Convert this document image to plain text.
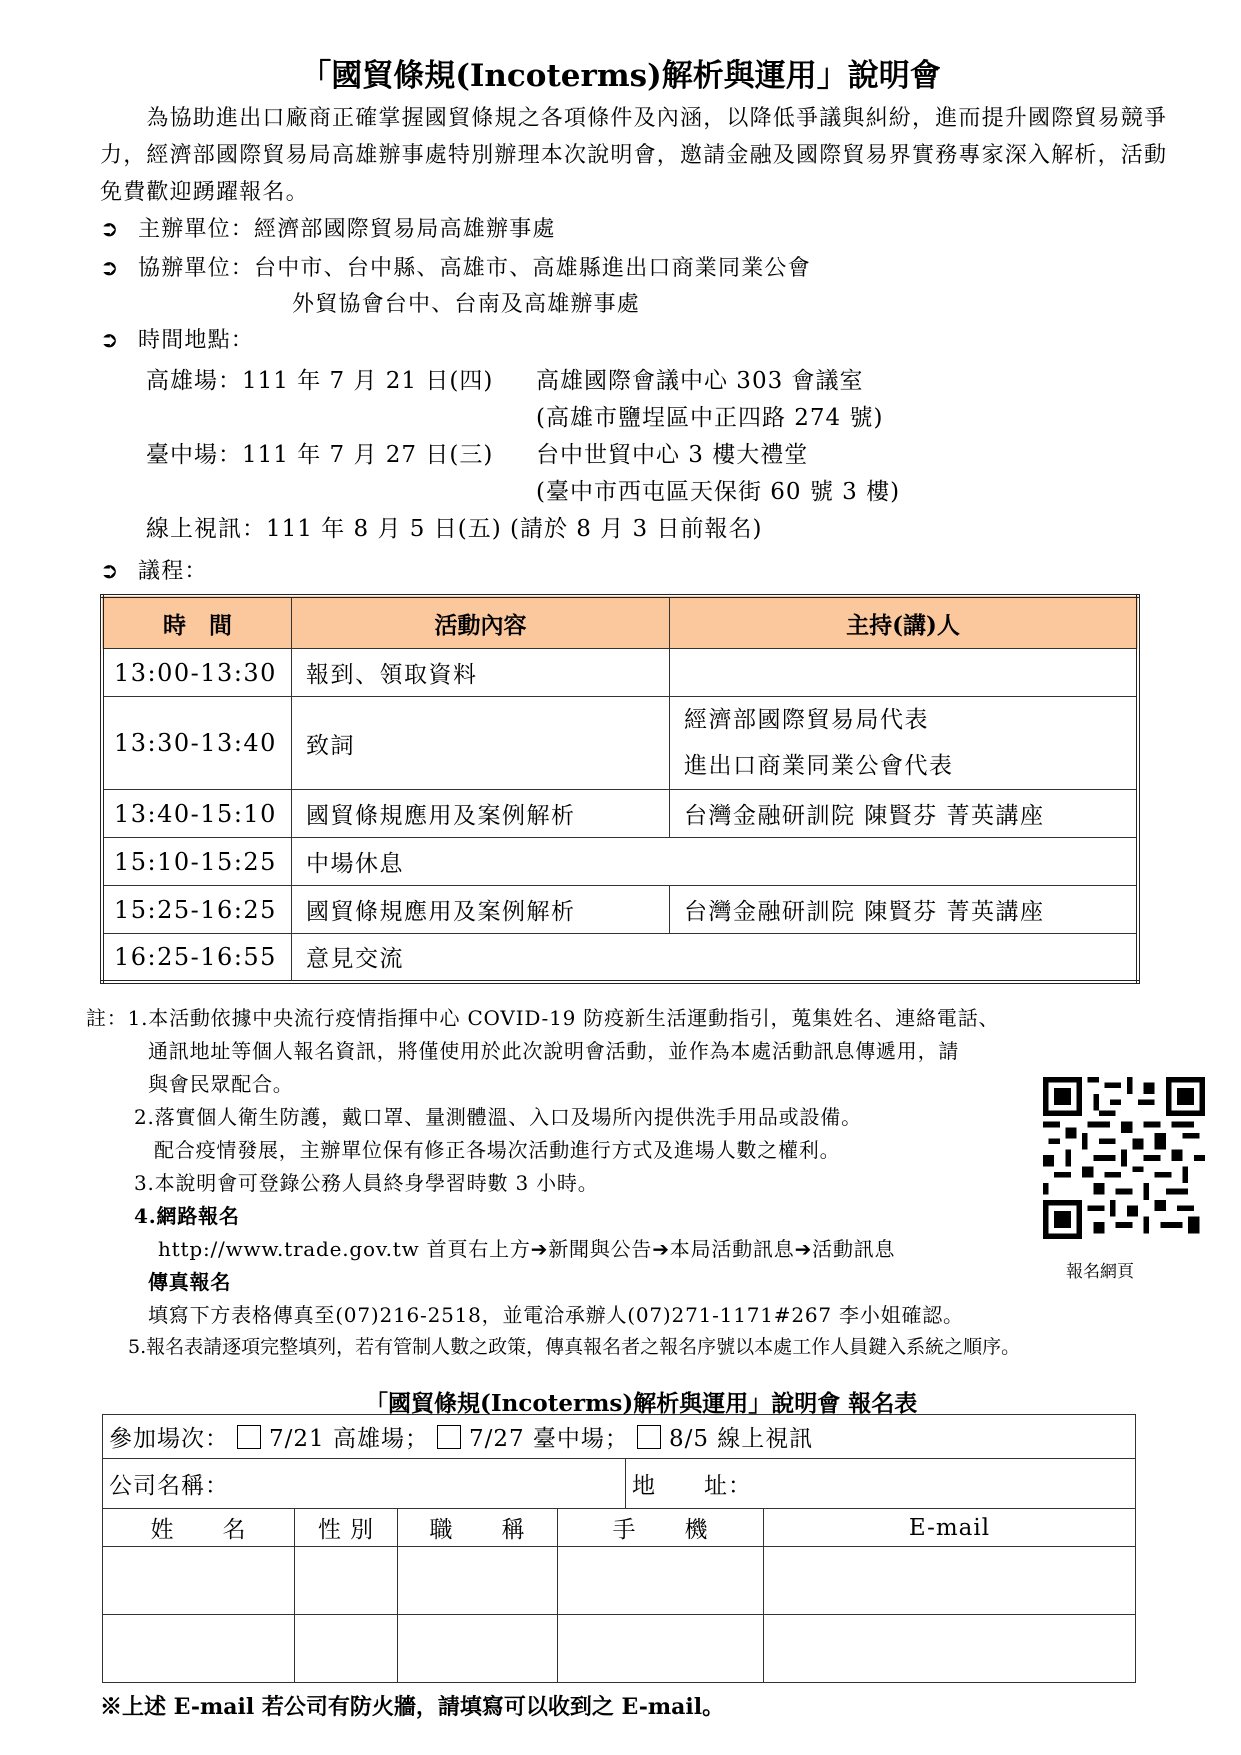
「國貿條規(Incoterms)解析與運用」說明會
　　為協助進出口廠商正確掌握國貿條規之各項條件及內涵，以降低爭議與糾紛，進而提升國際貿易競爭力，經濟部國際貿易局高雄辦事處特別辦理本次說明會，邀請金融及國際貿易界實務專家深入解析，活動免費歡迎踴躍報名。
➲ 主辦單位：經濟部國際貿易局高雄辦事處
➲ 協辦單位：台中市、台中縣、高雄市、高雄縣進出口商業同業公會
外貿協會台中、台南及高雄辦事處
➲ 時間地點：
高雄場：111 年 7 月 21 日(四) 高雄國際會議中心 303 會議室
(高雄市鹽埕區中正四路 274 號)
臺中場：111 年 7 月 27 日(三) 台中世貿中心 3 樓大禮堂
(臺中市西屯區天保街 60 號 3 樓)
線上視訊：111 年 8 月 5 日(五) (請於 8 月 3 日前報名)
➲ 議程：
時　間	活動內容	主持(講)人
13:00-13:30	報到、領取資料	
13:30-13:40	致詞	經濟部國際貿易局代表
進出口商業同業公會代表

13:40-15:10	國貿條規應用及案例解析	台灣金融研訓院 陳賢芬 菁英講座
15:10-15:25	中場休息	
15:25-16:25	國貿條規應用及案例解析	台灣金融研訓院 陳賢芬 菁英講座
16:25-16:55	意見交流	
註：1.本活動依據中央流行疫情指揮中心 COVID-19 防疫新生活運動指引，蒐集姓名、連絡電話、
通訊地址等個人報名資訊，將僅使用於此次說明會活動，並作為本處活動訊息傳遞用，請
與會民眾配合。
2.落實個人衛生防護，戴口罩、量測體溫、入口及場所內提供洗手用品或設備。
配合疫情發展，主辦單位保有修正各場次活動進行方式及進場人數之權利。
3.本說明會可登錄公務人員終身學習時數 3 小時。
4.網路報名
http://www.trade.gov.tw 首頁右上方➔新聞與公告➔本局活動訊息➔活動訊息
傳真報名
填寫下方表格傳真至(07)216-2518，並電洽承辦人(07)271-1171#267 李小姐確認。
5.報名表請逐項完整填列，若有管制人數之政策，傳真報名者之報名序號以本處工作人員鍵入系統之順序。
報名網頁
「國貿條規(Incoterms)解析與運用」說明會 報名表
參加場次： 7/21 高雄場； 7/27 臺中場； 8/5 線上視訊					
公司名稱：				地　　址：	
姓　　名	性 別	職　　稱	手　　機		E-mail

※上述 E-mail 若公司有防火牆，請填寫可以收到之 E-mail。
